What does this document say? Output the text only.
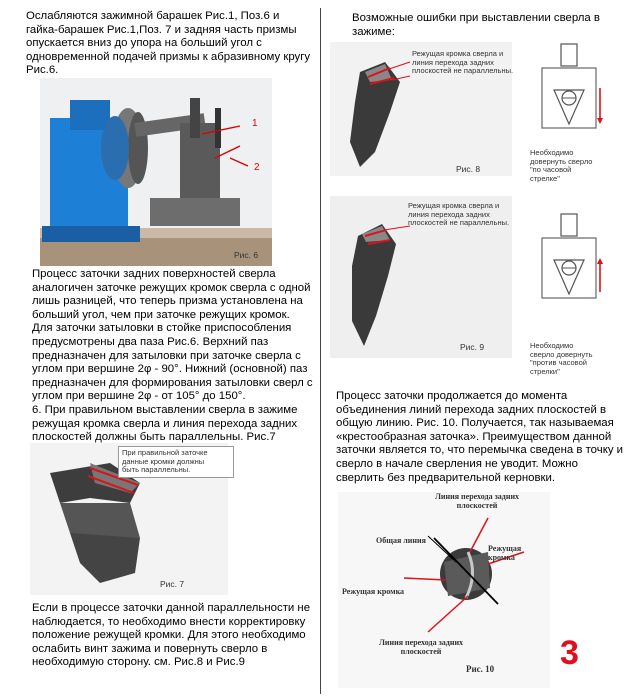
Ослабляются зажимной барашек Рис.1, Поз.6 и
гайка-барашек Рис.1,Поз. 7 и задняя часть призмы
опускается вниз до упора на больший угол с
одновременной подачей призмы к абразивному кругу
Рис.6.

1
2
Рис. 6

Процесс заточки задних поверхностей сверла
аналогичен заточке режущих кромок сверла с одной
лишь разницей, что теперь призма установлена на
больший угол, чем при заточке режущих кромок.
Для заточки затыловки в стойке приспособления
предусмотрены два паза Рис.6. Верхний паз
предназначен для затыловки при заточке сверла с
углом при вершине 2φ - 90°. Нижний (основной) паз
предназначен для формирования затыловки сверл с
углом при вершине 2φ - от 105° до 150°.
6. При правильном выставлении сверла в зажиме
режущая кромка сверла и линия перехода задних
плоскостей должны быть параллельны. Рис.7

Рис. 7
При правильной заточке
данные кромки должны
быть параллельны.

Если в процессе заточки данной параллельности не
наблюдается, то необходимо внести корректировку
положение режущей кромки. Для этого необходимо
ослабить винт зажима и повернуть сверло в
необходимую сторону. см. Рис.8 и Рис.9

Возможные ошибки при выставлении сверла в
зажиме:

Рис. 8
Режущая кромка сверла и
линия перехода задних
плоскостей не параллельны.
Необходимо
довернуть сверло
"по часовой
стрелке"
Рис. 9
Режущая кромка сверла и
линия перехода задних
плоскостей не параллельны.
Необходимо
сверло довернуть
"против часовой
стрелки"

Процесс заточки продолжается до момента
объединения линий перехода задних плоскостей в
общую линию. Рис. 10. Получается, так называемая
«крестообразная заточка». Преимуществом данной
заточки является то, что перемычка сведена в точку и
сверло в начале сверления не уводит. Можно
сверлить без предварительной керновки.

Линия перехода задних
плоскостей
Общая линия
Режущая кромка
Режущая кромка
Линия перехода задних
плоскостей
Рис. 10 3
